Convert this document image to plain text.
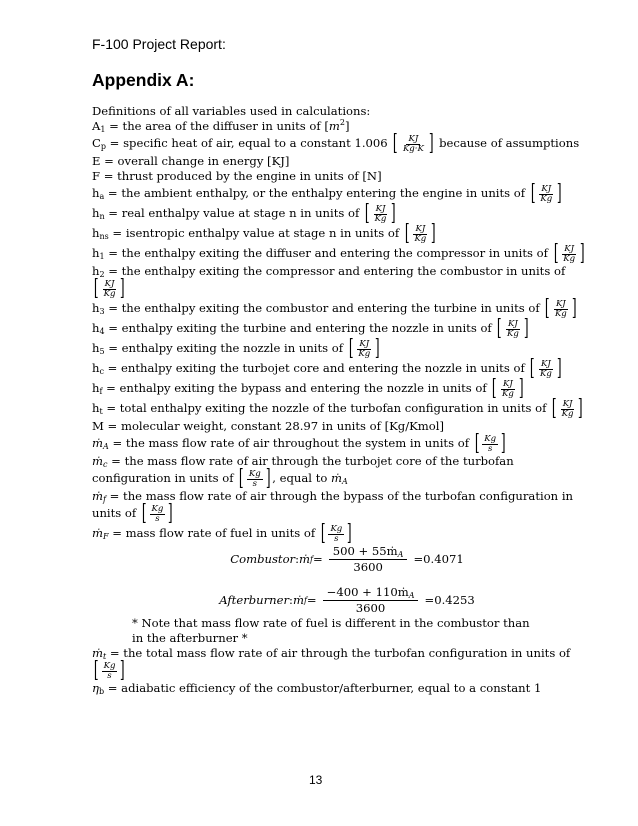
F-100 Project Report:
Appendix A:
Definitions of all variables used in calculations:
$A_1$ = the area of the diffuser in units of $[m^2]$
$C_p$ = specific heat of air, equal to a constant 1.006 [ $\frac{KJ}{Kg\cdot K}$ ] because of assumptions
E = overall change in energy [KJ]
F = thrust produced by the engine in units of [N]
$h_a$ = the ambient enthalpy, or the enthalpy entering the engine in units of [ $\frac{KJ}{Kg}$ ]
$h_n$ = real enthalpy value at stage n in units of [ $\frac{KJ}{Kg}$ ]
$h_{ns}$ = isentropic enthalpy value at stage n in units of [ $\frac{KJ}{Kg}$ ]
$h_1$ = the enthalpy exiting the diffuser and entering the compressor in units of [ $\frac{KJ}{Kg}$ ]
$h_2$ = the enthalpy exiting the compressor and entering the combustor in units of
[ $\frac{KJ}{Kg}$ ]
$h_3$ = the enthalpy exiting the combustor and entering the turbine in units of [ $\frac{KJ}{Kg}$ ]
$h_4$ = enthalpy exiting the turbine and entering the nozzle in units of [ $\frac{KJ}{Kg}$ ]
$h_5$ = enthalpy exiting the nozzle in units of [ $\frac{KJ}{Kg}$ ]
$h_c$ = enthalpy exiting the turbojet core and entering the nozzle in units of [ $\frac{KJ}{Kg}$ ]
$h_f$ = enthalpy exiting the bypass and entering the nozzle in units of [ $\frac{KJ}{Kg}$ ]
$h_t$ = total enthalpy exiting the nozzle of the turbofan configuration in units of [ $\frac{KJ}{Kg}$ ]
M = molecular weight, constant 28.97 in units of [Kg/Kmol]
ṁ$_A$ = the mass flow rate of air throughout the system in units of [ $\frac{Kg}{s}$ ]
ṁ$_c$ = the mass flow rate of air through the turbojet core of the turbofan
configuration in units of [ $\frac{Kg}{s}$ ] , equal to ṁ$_A$
ṁ$_f$ = the mass flow rate of air through the bypass of the turbofan configuration in
units of [ $\frac{Kg}{s}$ ]
ṁ$_F$ = mass flow rate of fuel in units of [ $\frac{Kg}{s}$ ]
Combustor : ṁ $f = \frac{500 + 55ṁ_A}{3600} = 0.4071$
Afterburner : ṁ $f = \frac{-400 + 110ṁ_A}{3600} = 0.4253$
* Note that mass flow rate of fuel is different in the combustor than in the afterburner *
ṁ$_t$ = the total mass flow rate of air through the turbofan configuration in units of
[ $\frac{Kg}{s}$ ]
$\eta_b$ = adiabatic efficiency of the combustor/afterburner, equal to a constant 1
13
